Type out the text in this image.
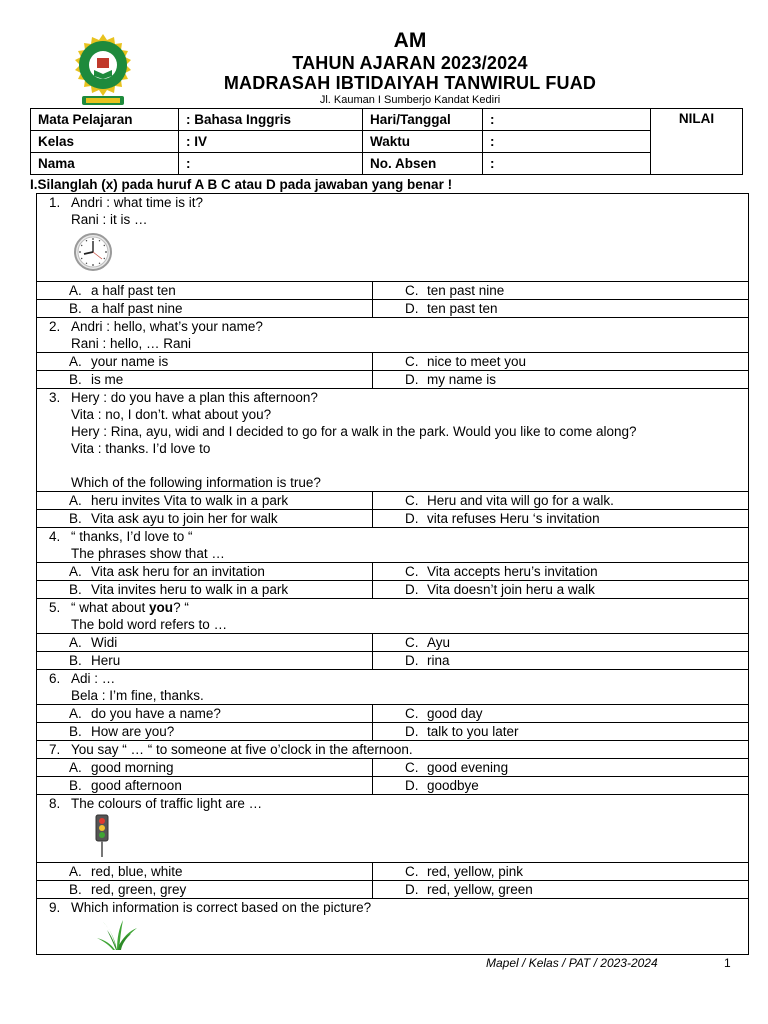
AM
TAHUN AJARAN 2023/2024
MADRASAH IBTIDAIYAH TANWIRUL FUAD
Jl. Kauman I Sumberjo Kandat Kediri
Mata Pelajaran	: Bahasa Inggris	Hari/Tanggal	:	NILAI
Kelas	: IV	Waktu	:	
Nama	:	No. Absen	:	
I.Silanglah (x) pada huruf A B C atau D pada jawaban yang benar !
1. Andri : what time is it?
Rani : it is …	

A. a half past ten	C. ten past nine
B. a half past nine	D. ten past ten

2. Andri : hello, what’s your name?
Rani : hello, … Rani	

A. your name is	C. nice to meet you
B. is me	D. my name is

3. Hery : do you have a plan this afternoon?
Vita : no, I don’t. what about you?
Hery : Rina, ayu, widi and I decided to go for a walk in the park. Would you like to come along?
Vita : thanks. I’d love to
Which of the following information is true?	

A. heru invites Vita to walk in a park	C. Heru and vita will go for a walk.
B. Vita ask ayu to join her for walk	D. vita refuses Heru ‘s invitation

4. “ thanks, I’d love to “
The phrases show that …	

A. Vita ask heru for an invitation	C. Vita accepts heru’s invitation
B. Vita invites heru to walk in a park	D. Vita doesn’t join heru a walk

5. “ what about you? “
The bold word refers to …	

A. Widi	C. Ayu
B. Heru	D. rina

6. Adi : …
Bela : I’m fine, thanks.	

A. do you have a name?	C. good day
B. How are you?	D. talk to you later

7. You say “ … “ to someone at five o’clock in the afternoon.	

A. good morning	C. good evening
B. good afternoon	D. goodbye

8. The colours of traffic light are …	

A. red, blue, white	C. red, yellow, pink
B. red, green, grey	D. red, yellow, green

9. Which information is correct based on the picture?	
Mapel / Kelas / PAT / 2023-2024	1
